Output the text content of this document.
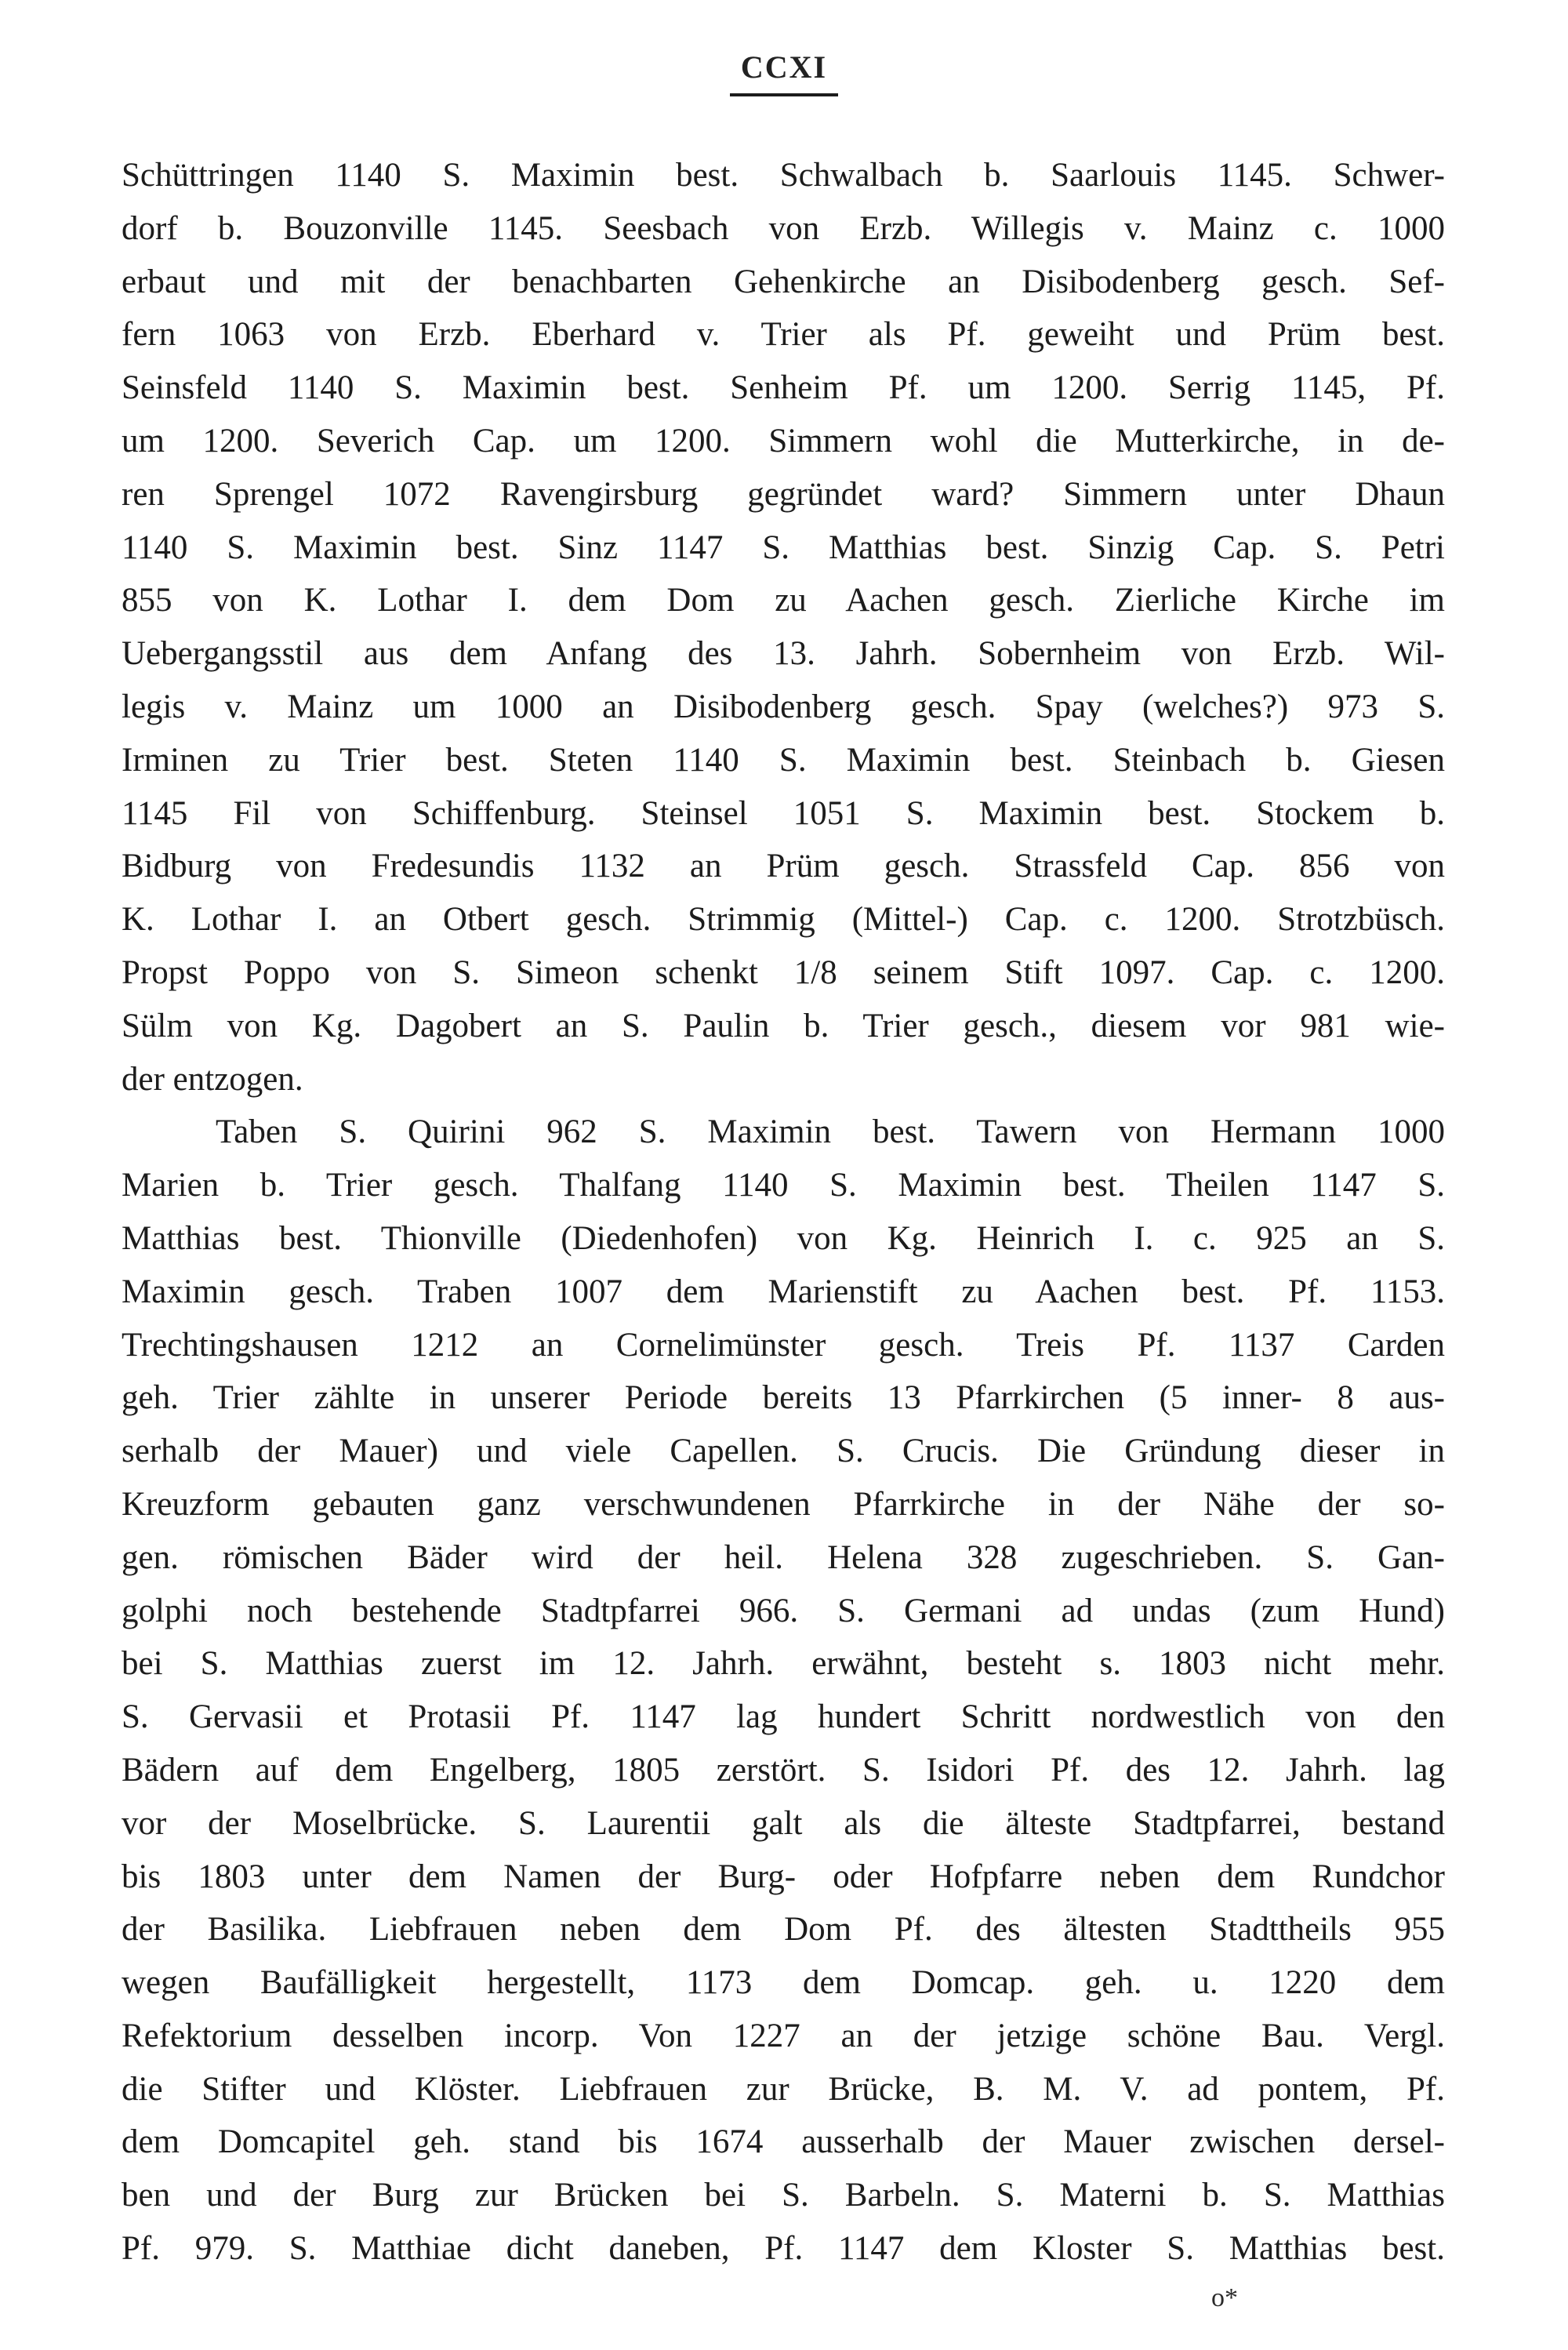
CCXI
Schüttringen 1140 S. Maximin best. Schwalbach b. Saarlouis 1145. Schwer-
dorf b. Bouzonville 1145. Seesbach von Erzb. Willegis v. Mainz c. 1000
erbaut und mit der benachbarten Gehenkirche an Disibodenberg gesch. Sef-
fern 1063 von Erzb. Eberhard v. Trier als Pf. geweiht und Prüm best.
Seinsfeld 1140 S. Maximin best. Senheim Pf. um 1200. Serrig 1145, Pf.
um 1200. Severich Cap. um 1200. Simmern wohl die Mutterkirche, in de-
ren Sprengel 1072 Ravengirsburg gegründet ward? Simmern unter Dhaun
1140 S. Maximin best. Sinz 1147 S. Matthias best. Sinzig Cap. S. Petri
855 von K. Lothar I. dem Dom zu Aachen gesch. Zierliche Kirche im
Uebergangsstil aus dem Anfang des 13. Jahrh. Sobernheim von Erzb. Wil-
legis v. Mainz um 1000 an Disibodenberg gesch. Spay (welches?) 973 S.
Irminen zu Trier best. Steten 1140 S. Maximin best. Steinbach b. Giesen
1145 Fil von Schiffenburg. Steinsel 1051 S. Maximin best. Stockem b.
Bidburg von Fredesundis 1132 an Prüm gesch. Strassfeld Cap. 856 von
K. Lothar I. an Otbert gesch. Strimmig (Mittel-) Cap. c. 1200. Strotzbüsch.
Propst Poppo von S. Simeon schenkt 1/8 seinem Stift 1097. Cap. c. 1200.
Sülm von Kg. Dagobert an S. Paulin b. Trier gesch., diesem vor 981 wie-
der entzogen.
Taben S. Quirini 962 S. Maximin best. Tawern von Hermann 1000
Marien b. Trier gesch. Thalfang 1140 S. Maximin best. Theilen 1147 S.
Matthias best. Thionville (Diedenhofen) von Kg. Heinrich I. c. 925 an S.
Maximin gesch. Traben 1007 dem Marienstift zu Aachen best. Pf. 1153.
Trechtingshausen 1212 an Cornelimünster gesch. Treis Pf. 1137 Carden
geh. Trier zählte in unserer Periode bereits 13 Pfarrkirchen (5 inner- 8 aus-
serhalb der Mauer) und viele Capellen. S. Crucis. Die Gründung dieser in
Kreuzform gebauten ganz verschwundenen Pfarrkirche in der Nähe der so-
gen. römischen Bäder wird der heil. Helena 328 zugeschrieben. S. Gan-
golphi noch bestehende Stadtpfarrei 966. S. Germani ad undas (zum Hund)
bei S. Matthias zuerst im 12. Jahrh. erwähnt, besteht s. 1803 nicht mehr.
S. Gervasii et Protasii Pf. 1147 lag hundert Schritt nordwestlich von den
Bädern auf dem Engelberg, 1805 zerstört. S. Isidori Pf. des 12. Jahrh. lag
vor der Moselbrücke. S. Laurentii galt als die älteste Stadtpfarrei, bestand
bis 1803 unter dem Namen der Burg- oder Hofpfarre neben dem Rundchor
der Basilika. Liebfrauen neben dem Dom Pf. des ältesten Stadttheils 955
wegen Baufälligkeit hergestellt, 1173 dem Domcap. geh. u. 1220 dem
Refektorium desselben incorp. Von 1227 an der jetzige schöne Bau. Vergl.
die Stifter und Klöster. Liebfrauen zur Brücke, B. M. V. ad pontem, Pf.
dem Domcapitel geh. stand bis 1674 ausserhalb der Mauer zwischen dersel-
ben und der Burg zur Brücken bei S. Barbeln. S. Materni b. S. Matthias
Pf. 979. S. Matthiae dicht daneben, Pf. 1147 dem Kloster S. Matthias best.
o*
